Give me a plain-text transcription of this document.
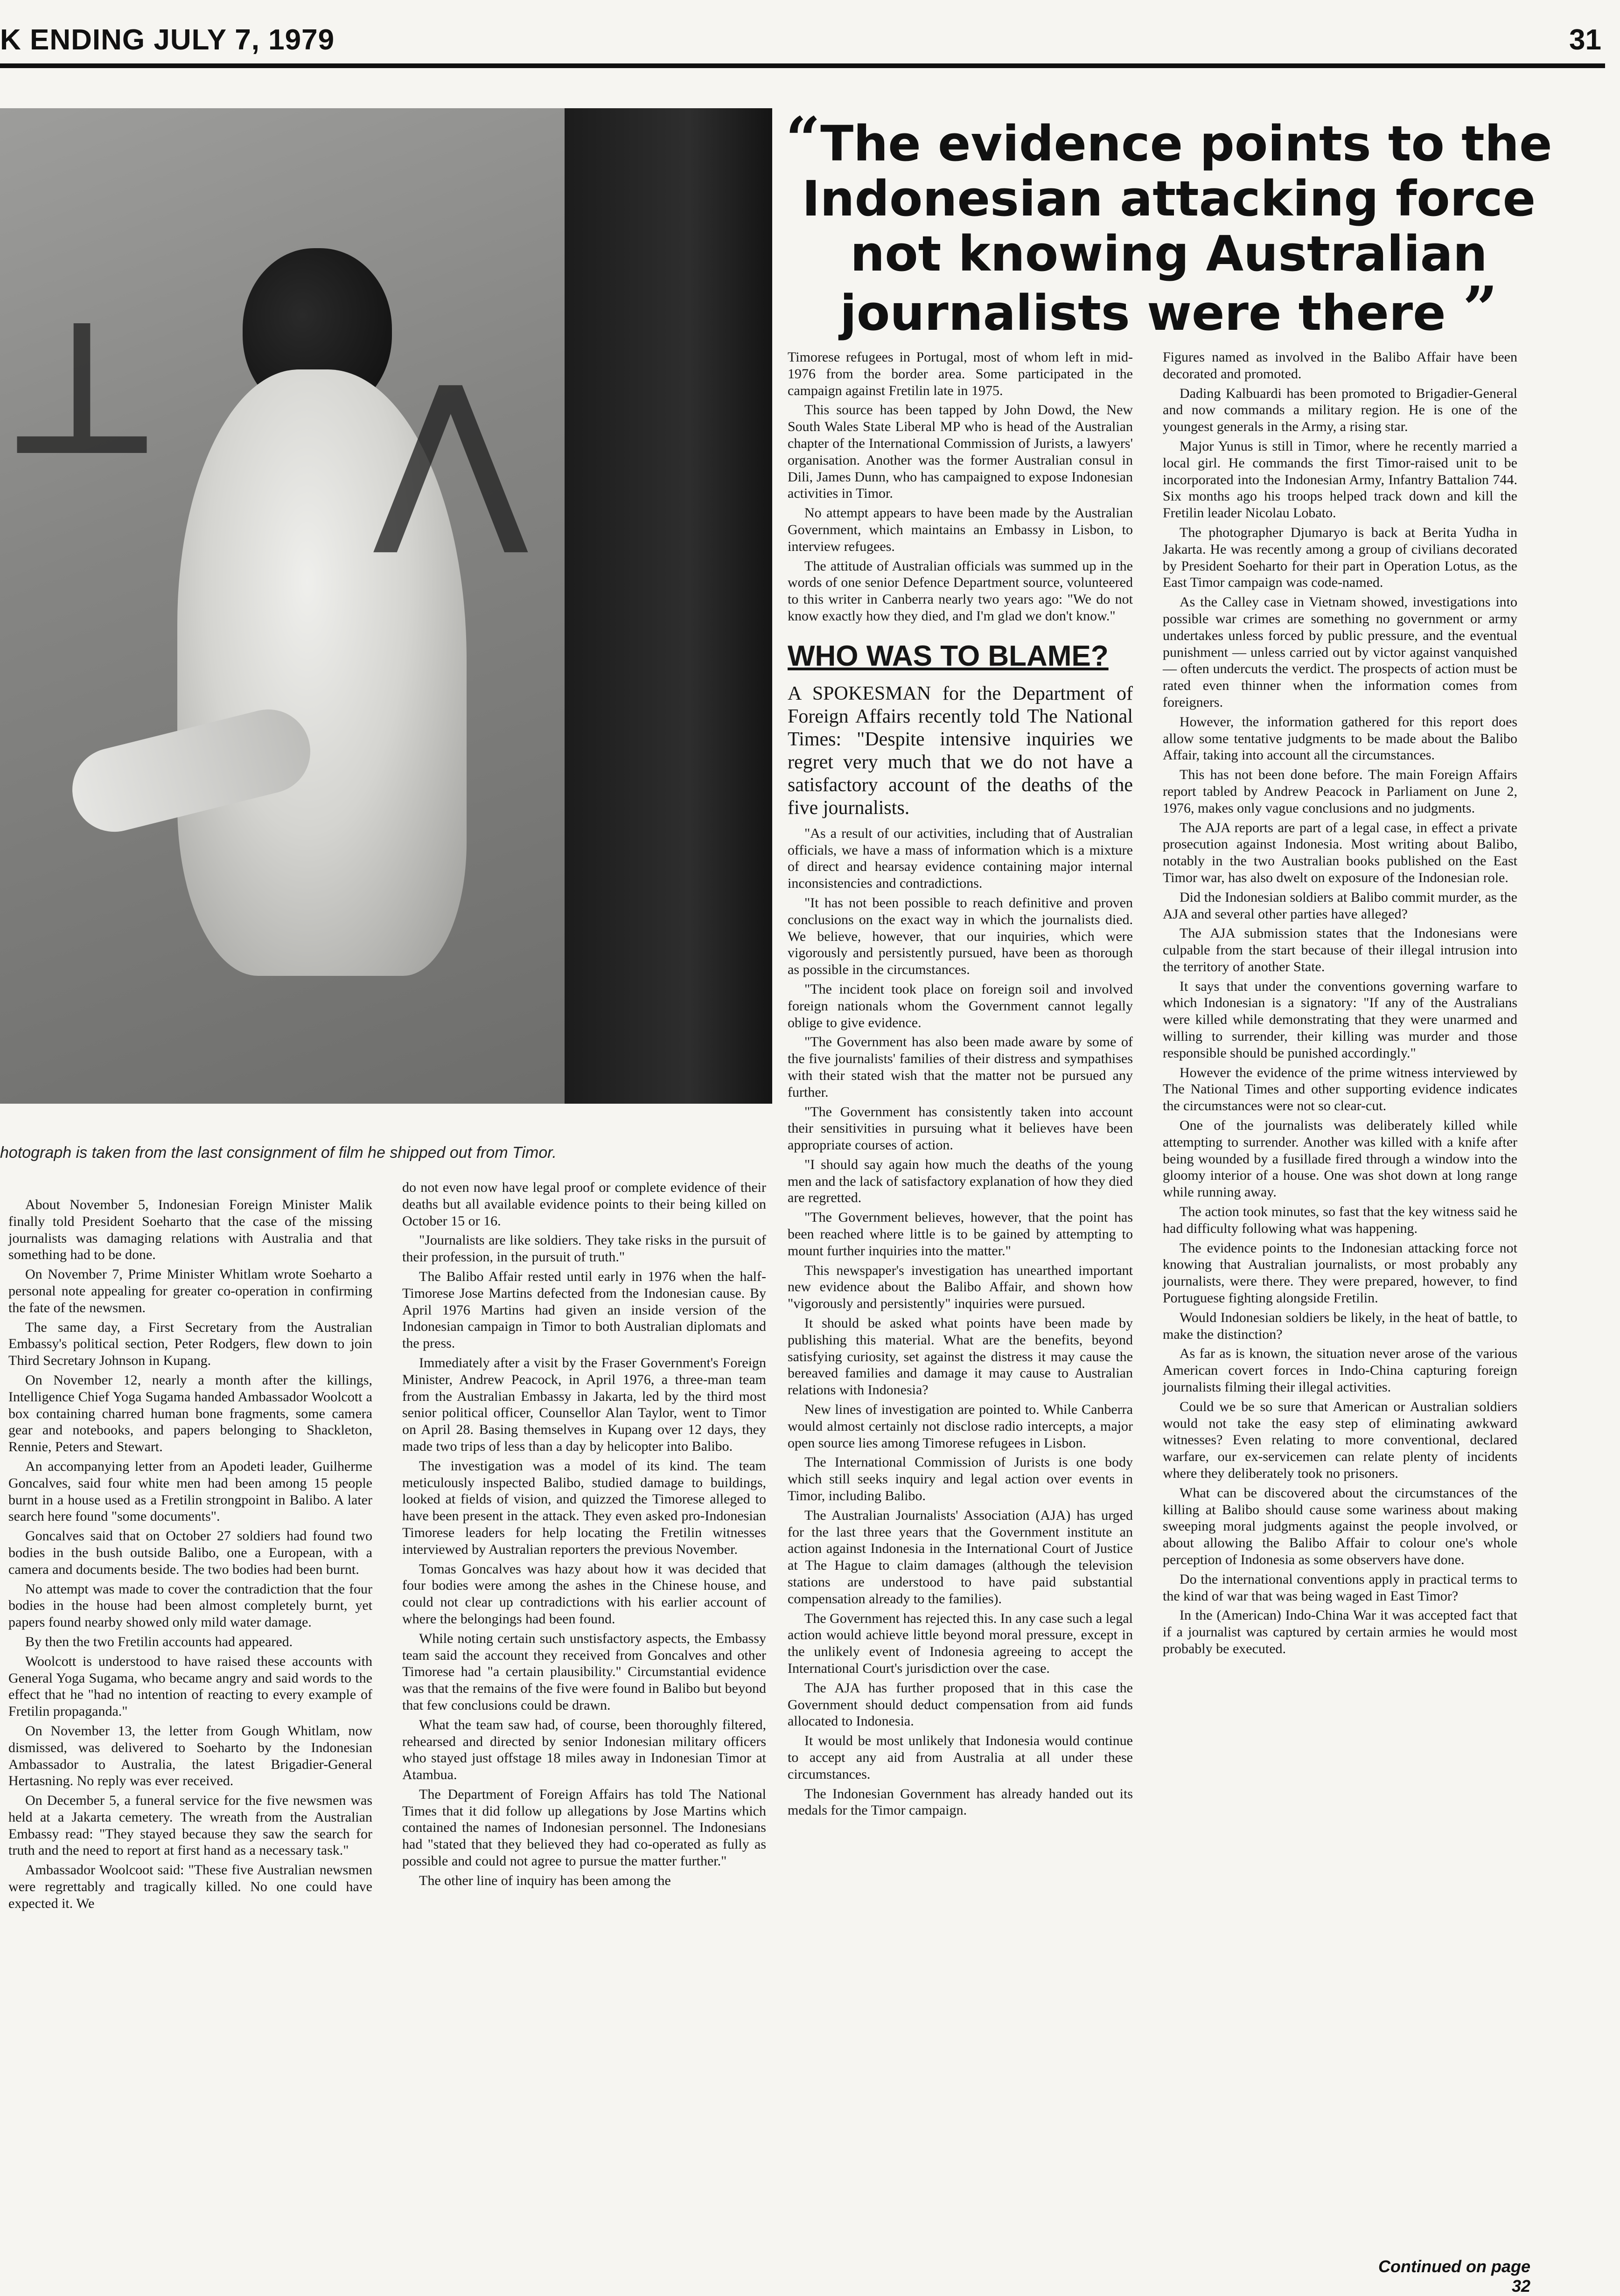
K ENDING JULY 7, 1979	31
⊥ ⋀
hotograph is taken from the last consignment of film he shipped out from Timor.
“The evidence points to the Indonesian attacking force not knowing Australian journalists were there ”

About November 5, Indonesian Foreign Minister Malik finally told President Soeharto that the case of the missing journalists was damaging relations with Australia and that something had to be done.

On November 7, Prime Minister Whitlam wrote Soeharto a personal note appealing for greater co-operation in confirming the fate of the newsmen.

The same day, a First Secretary from the Australian Embassy's political section, Peter Rodgers, flew down to join Third Secretary Johnson in Kupang.

On November 12, nearly a month after the killings, Intelligence Chief Yoga Sugama handed Ambassador Woolcott a box containing charred human bone fragments, some camera gear and notebooks, and papers belonging to Shackleton, Rennie, Peters and Stewart.

An accompanying letter from an Apodeti leader, Guilherme Goncalves, said four white men had been among 15 people burnt in a house used as a Fretilin strongpoint in Balibo. A later search here found "some documents".

Goncalves said that on October 27 soldiers had found two bodies in the bush outside Balibo, one a European, with a camera and documents beside. The two bodies had been burnt.

No attempt was made to cover the contradiction that the four bodies in the house had been almost completely burnt, yet papers found nearby showed only mild water damage.

By then the two Fretilin accounts had appeared.

Woolcott is understood to have raised these accounts with General Yoga Sugama, who became angry and said words to the effect that he "had no intention of reacting to every example of Fretilin propaganda."

On November 13, the letter from Gough Whitlam, now dismissed, was delivered to Soeharto by the Indonesian Ambassador to Australia, the latest Brigadier-General Hertasning. No reply was ever received.

On December 5, a funeral service for the five newsmen was held at a Jakarta cemetery. The wreath from the Australian Embassy read: "They stayed because they saw the search for truth and the need to report at first hand as a necessary task."

Ambassador Woolcoot said: "These five Australian newsmen were regrettably and tragically killed. No one could have expected it. We

do not even now have legal proof or complete evidence of their deaths but all available evidence points to their being killed on October 15 or 16.

"Journalists are like soldiers. They take risks in the pursuit of their profession, in the pursuit of truth."

The Balibo Affair rested until early in 1976 when the half-Timorese Jose Martins defected from the Indonesian cause. By April 1976 Martins had given an inside version of the Indonesian campaign in Timor to both Australian diplomats and the press.

Immediately after a visit by the Fraser Government's Foreign Minister, Andrew Peacock, in April 1976, a three-man team from the Australian Embassy in Jakarta, led by the third most senior political officer, Counsellor Alan Taylor, went to Timor on April 28. Basing themselves in Kupang over 12 days, they made two trips of less than a day by helicopter into Balibo.

The investigation was a model of its kind. The team meticulously inspected Balibo, studied damage to buildings, looked at fields of vision, and quizzed the Timorese alleged to have been present in the attack. They even asked pro-Indonesian Timorese leaders for help locating the Fretilin witnesses interviewed by Australian reporters the previous November.

Tomas Goncalves was hazy about how it was decided that four bodies were among the ashes in the Chinese house, and could not clear up contradictions with his earlier account of where the belongings had been found.

While noting certain such unstisfactory aspects, the Embassy team said the account they received from Goncalves and other Timorese had "a certain plausibility." Circumstantial evidence was that the remains of the five were found in Balibo but beyond that few conclusions could be drawn.

What the team saw had, of course, been thoroughly filtered, rehearsed and directed by senior Indonesian military officers who stayed just offstage 18 miles away in Indonesian Timor at Atambua.

The Department of Foreign Affairs has told The National Times that it did follow up allegations by Jose Martins which contained the names of Indonesian personnel. The Indonesians had "stated that they believed they had co-operated as fully as possible and could not agree to pursue the matter further."

The other line of inquiry has been among the

Timorese refugees in Portugal, most of whom left in mid-1976 from the border area. Some participated in the campaign against Fretilin late in 1975.

This source has been tapped by John Dowd, the New South Wales State Liberal MP who is head of the Australian chapter of the International Commission of Jurists, a lawyers' organisation. Another was the former Australian consul in Dili, James Dunn, who has campaigned to expose Indonesian activities in Timor.

No attempt appears to have been made by the Australian Government, which maintains an Embassy in Lisbon, to interview refugees.

The attitude of Australian officials was summed up in the words of one senior Defence Department source, volunteered to this writer in Canberra nearly two years ago: "We do not know exactly how they died, and I'm glad we don't know."

WHO WAS TO BLAME?

A SPOKESMAN for the Department of Foreign Affairs recently told The National Times: "Despite intensive inquiries we regret very much that we do not have a satisfactory account of the deaths of the five journalists.

"As a result of our activities, including that of Australian officials, we have a mass of information which is a mixture of direct and hearsay evidence containing major internal inconsistencies and contradictions.

"It has not been possible to reach definitive and proven conclusions on the exact way in which the journalists died. We believe, however, that our inquiries, which were vigorously and persistently pursued, have been as thorough as possible in the circumstances.

"The incident took place on foreign soil and involved foreign nationals whom the Government cannot legally oblige to give evidence.

"The Government has also been made aware by some of the five journalists' families of their distress and sympathises with their stated wish that the matter not be pursued any further.

"The Government has consistently taken into account their sensitivities in pursuing what it believes have been appropriate courses of action.

"I should say again how much the deaths of the young men and the lack of satisfactory explanation of how they died are regretted.

"The Government believes, however, that the point has been reached where little is to be gained by attempting to mount further inquiries into the matter."

This newspaper's investigation has unearthed important new evidence about the Balibo Affair, and shown how "vigorously and persistently" inquiries were pursued.

It should be asked what points have been made by publishing this material. What are the benefits, beyond satisfying curiosity, set against the distress it may cause the bereaved families and damage it may cause to Australian relations with Indonesia?

New lines of investigation are pointed to. While Canberra would almost certainly not disclose radio intercepts, a major open source lies among Timorese refugees in Lisbon.

The International Commission of Jurists is one body which still seeks inquiry and legal action over events in Timor, including Balibo.

The Australian Journalists' Association (AJA) has urged for the last three years that the Government institute an action against Indonesia in the International Court of Justice at The Hague to claim damages (although the television stations are understood to have paid substantial compensation already to the families).

The Government has rejected this. In any case such a legal action would achieve little beyond moral pressure, except in the unlikely event of Indonesia agreeing to accept the International Court's jurisdiction over the case.

The AJA has further proposed that in this case the Government should deduct compensation from aid funds allocated to Indonesia.

It would be most unlikely that Indonesia would continue to accept any aid from Australia at all under these circumstances.

The Indonesian Government has already handed out its medals for the Timor campaign.

Figures named as involved in the Balibo Affair have been decorated and promoted.

Dading Kalbuardi has been promoted to Brigadier-General and now commands a military region. He is one of the youngest generals in the Army, a rising star.

Major Yunus is still in Timor, where he recently married a local girl. He commands the first Timor-raised unit to be incorporated into the Indonesian Army, Infantry Battalion 744. Six months ago his troops helped track down and kill the Fretilin leader Nicolau Lobato.

The photographer Djumaryo is back at Berita Yudha in Jakarta. He was recently among a group of civilians decorated by President Soeharto for their part in Operation Lotus, as the East Timor campaign was code-named.

As the Calley case in Vietnam showed, investigations into possible war crimes are something no government or army undertakes unless forced by public pressure, and the eventual punishment — unless carried out by victor against vanquished — often undercuts the verdict. The prospects of action must be rated even thinner when the information comes from foreigners.

However, the information gathered for this report does allow some tentative judgments to be made about the Balibo Affair, taking into account all the circumstances.

This has not been done before. The main Foreign Affairs report tabled by Andrew Peacock in Parliament on June 2, 1976, makes only vague conclusions and no judgments.

The AJA reports are part of a legal case, in effect a private prosecution against Indonesia. Most writing about Balibo, notably in the two Australian books published on the East Timor war, has also dwelt on exposure of the Indonesian role.

Did the Indonesian soldiers at Balibo commit murder, as the AJA and several other parties have alleged?

The AJA submission states that the Indonesians were culpable from the start because of their illegal intrusion into the territory of another State.

It says that under the conventions governing warfare to which Indonesian is a signatory: "If any of the Australians were killed while demonstrating that they were unarmed and willing to surrender, their killing was murder and those responsible should be punished accordingly."

However the evidence of the prime witness interviewed by The National Times and other supporting evidence indicates the circumstances were not so clear-cut.

One of the journalists was deliberately killed while attempting to surrender. Another was killed with a knife after being wounded by a fusillade fired through a window into the gloomy interior of a house. One was shot down at long range while running away.

The action took minutes, so fast that the key witness said he had difficulty following what was happening.

The evidence points to the Indonesian attacking force not knowing that Australian journalists, or most probably any journalists, were there. They were prepared, however, to find Portuguese fighting alongside Fretilin.

Would Indonesian soldiers be likely, in the heat of battle, to make the distinction?

As far as is known, the situation never arose of the various American covert forces in Indo-China capturing foreign journalists filming their illegal activities.

Could we be so sure that American or Australian soldiers would not take the easy step of eliminating awkward witnesses? Even relating to more conventional, declared warfare, our ex-servicemen can relate plenty of incidents where they deliberately took no prisoners.

What can be discovered about the circumstances of the killing at Balibo should cause some wariness about making sweeping moral judgments against the people involved, or about allowing the Balibo Affair to colour one's whole perception of Indonesia as some observers have done.

Do the international conventions apply in practical terms to the kind of war that was being waged in East Timor?

In the (American) Indo-China War it was accepted fact that if a journalist was captured by certain armies he would most probably be executed.

Continued on page 32
